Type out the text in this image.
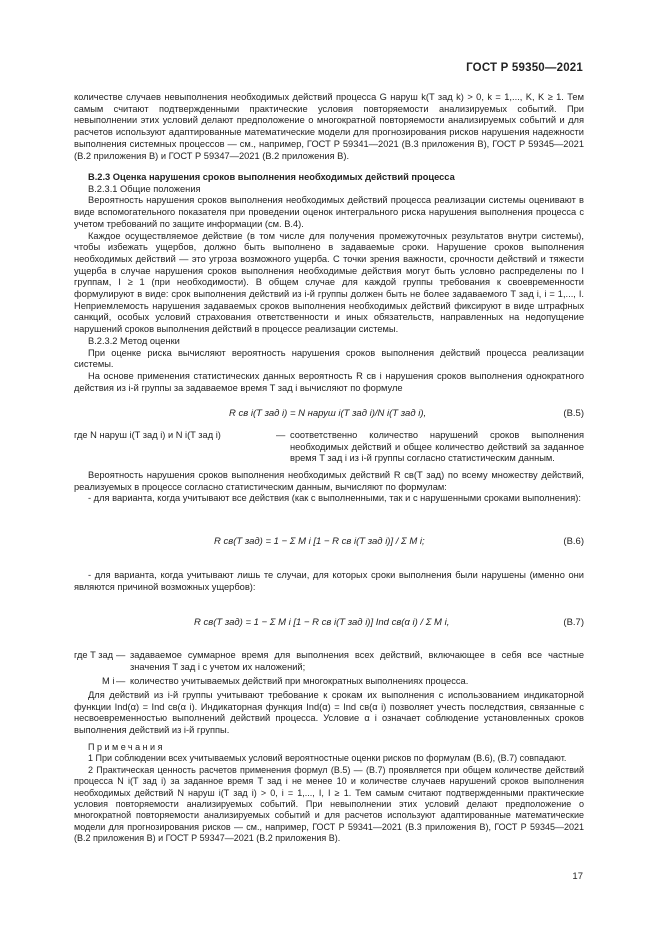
ГОСТ Р 59350—2021

количестве случаев невыполнения необходимых действий процесса G наруш k(T зад k) > 0, k = 1,..., K, K ≥ 1. Тем самым считают подтвержденными практические условия повторяемости анализируемых событий. При невыполнении этих условий делают предположение о многократной повторяемости анализируемых событий и для расчетов используют адаптированные математические модели для прогнозирования рисков нарушения надежности выполнения системных процессов — см., например, ГОСТ Р 59341—2021 (В.3 приложения В), ГОСТ Р 59345—2021 (В.2 приложения В) и ГОСТ Р 59347—2021 (В.2 приложения В).

В.2.3 Оценка нарушения сроков выполнения необходимых действий процесса

В.2.3.1 Общие положения

Вероятность нарушения сроков выполнения необходимых действий процесса реализации системы оценивают в виде вспомогательного показателя при проведении оценок интегрального риска нарушения выполнения процесса с учетом требований по защите информации (см. В.4).

Каждое осуществляемое действие (в том числе для получения промежуточных результатов внутри системы), чтобы избежать ущербов, должно быть выполнено в задаваемые сроки. Нарушение сроков выполнения необходимых действий — это угроза возможного ущерба. С точки зрения важности, срочности действий и тяжести ущерба в случае нарушения сроков выполнения необходимые действия могут быть условно распределены по I группам, I ≥ 1 (при необходимости). В общем случае для каждой группы требования к своевременности формулируют в виде: срок выполнения действий из i-й группы должен быть не более задаваемого T зад i, i = 1,..., I. Неприемлемость нарушения задаваемых сроков выполнения необходимых действий фиксируют в виде штрафных санкций, особых условий страхования ответственности и иных обязательств, направленных на недопущение нарушений сроков выполнения действий в процессе реализации системы.

В.2.3.2 Метод оценки

При оценке риска вычисляют вероятность нарушения сроков выполнения действий процесса реализации системы.

На основе применения статистических данных вероятность R св i нарушения сроков выполнения однократного действия из i-й группы за задаваемое время T зад i вычисляют по формуле

R св i(T зад i) = N наруш i(T зад i)/N i(T зад i),	(B.5)
где N наруш i(T зад i) и N i(T зад i)	— соответственно количество нарушений сроков выполнения необходимых действий и общее количество действий за заданное время T зад i из i-й группы согласно статистическим данным.

Вероятность нарушения сроков выполнения необходимых действий R св(T зад) по всему множеству действий, реализуемых в процессе согласно статистическим данным, вычисляют по формулам:

- для варианта, когда учитывают все действия (как с выполненными, так и с нарушенными сроками выполнения):

R св(T зад) = 1 − Σ M i [1 − R св i(T зад i)] / Σ M i;	(B.6)

- для варианта, когда учитывают лишь те случаи, для которых сроки выполнения были нарушены (именно они являются причиной возможных ущербов):

R св(T зад) = 1 − Σ M i [1 − R св i(T зад i)] Ind св(α i) / Σ M i,	(B.7)
где T зад — задаваемое суммарное время для выполнения всех действий, включающее в себя все частные значения T зад i с учетом их наложений;
M i — количество учитываемых действий при многократных выполнениях процесса.

Для действий из i-й группы учитывают требование к срокам их выполнения с использованием индикаторной функции Ind(α) = Ind св(α i). Индикаторная функция Ind(α) = Ind св(α i) позволяет учесть последствия, связанные с несвоевременностью выполнений действий процесса. Условие α i означает соблюдение установленных сроков выполнения действий из i-й группы.

Примечания

1 При соблюдении всех учитываемых условий вероятностные оценки рисков по формулам (В.6), (В.7) совпадают.

2 Практическая ценность расчетов применения формул (В.5) — (В.7) проявляется при общем количестве действий процесса N i(T зад i) за заданное время T зад i не менее 10 и количестве случаев нарушений сроков выполнения необходимых действий N наруш i(T зад i) > 0, i = 1,..., I, I ≥ 1. Тем самым считают подтвержденными практические условия повторяемости анализируемых событий. При невыполнении этих условий делают предположение о многократной повторяемости анализируемых событий и для расчетов используют адаптированные математические модели для прогнозирования рисков — см., например, ГОСТ Р 59341—2021 (В.3 приложения В), ГОСТ Р 59345—2021 (В.2 приложения В) и ГОСТ Р 59347—2021 (В.2 приложения В).

17
